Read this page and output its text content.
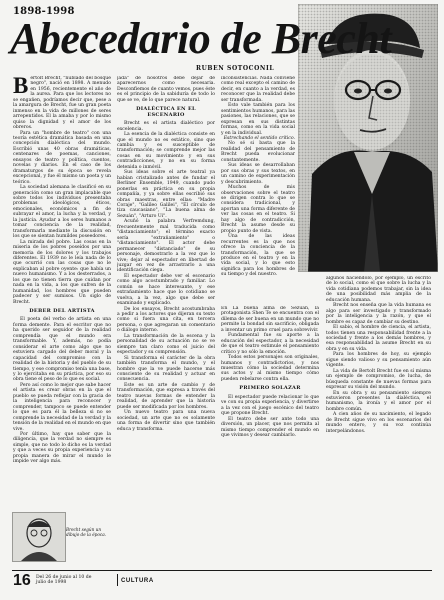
1898-1998
Abecedario de Brecht
RUBEN SOTOCONIL
B ertolt Brecht, "nublado del bosque negro", nació en 1898. A menudo en 1956, recientemente el año de la aurea. Para que los lectores no se engañen, podríamos decir que, pese a la amargura de Brecht, fue un gran poeta inmenso en la vida de millones de seres arrepentidos. El la amaba y por lo mismo quiso la dignidad y el amor de los obreros.

Para un "hombre de teatro" con una teoría estética dramática basada en una concepción dialéctica del mundo. Escribió unas 40 obras dramáticas, centenares de poemas, canciones, ensayos de teatro y política, cuentos, novelas y diarios. En el caso de los dramaturgos de su época se revela excepcional, y fue él mismo un poeta y un teórico.

La sociedad alemana le clasificó en su generación como un gran implacable que sobre todos los individuos presentaba problemas ideológicos, éticos, emocionales, económicos a fin de subrayar el amor, la lucha y la verdad, y la justicia. Ayudar a los seres humanos a tomar conciencia de la realidad, transformarla mediante la discusión en los que se sientan humildes poseedores.

La mirada del pobre. Las cosas en la miseria de los pobres poseídos por una memoria de los dolores y los trabajos diferentes. El 1939 no le leía nada de lo que ocurrió con las cosas que no le explicaban al pobre oyente: que había un nuevo humanismo. Y a los desterrados, a los que no tienen tierra que cuidan por nada en la vida, a los que sufren de la humanidad, los hombres que pueden padecer y ser sumisos. Un siglo de Brecht.

DEBER DEL ARTISTA

El poeta del verbo de artista en una forma demente. Para el escritor que no ha querido ser seguidor de la realidad comprendía que el mundo era transformable. Y, además, no podía considerar el arte como algo que no estuviera cargado del deber moral y la capacidad del compromiso con la realidad de la historia y del pueblo de su tiempo, y ese compromiso tenía una base, y lo ejercitaba en su práctica, por eso su obra tiene el peso de lo que es social.

Pero así como lo mejor que sabe hacer el artista es crear obras en la que el pueblo se pueda reflejar con la gracia de la inteligencia para reconocer y comprender, tampoco se puede entender lo que es para él la belleza si no se comprende la necesidad de la verdad y la tensión de la realidad en el mundo en que vive.

Por último, hay que saber que la diligencia, que la verdad no siempre es simple, que no todo lo dicho es la verdad y que a veces su propia experiencia y su propia manera de mirar el mundo le impide ver algo más.

jada" de nosotros debe dejar de aparecernos como necesaria. Desconfiemos de cuanto vemos, pues éste es el principio de la sabiduría de todo lo que se ve, de lo que parece natural.

DIALÉCTICA EN EL ESCENARIO

Brecht es el artista dialéctico por excelencia.

La esencia de la dialéctica consiste en que el mundo no es estático, sino que cambia y es susceptible de transformación; se comprende mejor las cosas en su movimiento y en sus contradicciones, y no en su forma detenida o inmóvil.

Sus ideas sobre el arte teatral ya habían cristalizado antes de fundar el Berliner Ensemble, 1949, cuando pudo ponerlas en práctica en su propia compañía, y ya sobre ellas escribió sus obras maestras, entre ellas: "Madre Coraje", "Galileo Galilei", "El círculo de tiza caucasiano", "La buena alma de Sezuán", "Arturo Ui".

Acuñó la palabra Verfremdung, frecuentemente mal traducida como "distanciamiento"; el término exacto sería "extrañamiento" o "distanciamiento". El actor debe permanecer "distanciado" de su personaje, demostrarlo a la vez que lo vive; dejar al espectador en libertad de juzgar en vez de arrastrarlo a una identificación ciega.

El espectador debe ver el escenario como algo acostumbrado y familiar. Lo común se hace interesante, y ese extrañamiento hace que lo cotidiano se vuelva, a la vez, algo que debe ser examinado y explicado.

De los ensayos, Brecht acostumbraba a pedir a los actores que dijeran su texto como si fuera una cita, en tercera persona, o que agregaran un comentario o diálogo interno.

La transformación de la escena y la personalidad de su actuación no se ve siempre tan claro como el juicio del espectador y su comprensión.

Si transforma el carácter de la obra también transforma el mundo, y el hombre que la ve puede hacerse más consciente de su realidad y actuar en consecuencia.

Este es un arte de cambio y de transformación, que expresa a través del teatro nuevas formas de entender la realidad, de aprender que la historia puede ser modificada por los hombres.

Un nuevo teatro para una nueva sociedad, un arte que no es solamente una forma de divertir sino que también educa y transforma.

inconsistencias. Nada conviene como real excepto el camino de decir, en cuanto a la verdad, es reconocer que la realidad debe ser transformada.

Esto vale también para los sentimientos humanos, para las pasiones, las relaciones, que se expresan en sus distintas formas, como en la vida social y en la individual.

Estrechando el sentido crítico.

No sé si basta que la realidad del pensamiento de Brecht pueda evolucionar constantemente.

Sus ideas se desarrollaban por sus obras y sus textos, en un camino de experimentación y descubrimiento.

Muchos de mis observaciones sobre el teatro se dirigen contra lo que se considera tradicional, y aportan una forma diferente de ver las cosas en el teatro. Si hay algo de contradicción, Brecht la asume desde su propio punto de vista.

Una de las ideas recurrentes es la que nos ofrece la conciencia de la transformación, la que se produce en el teatro y en la vida social, y lo que esto significa para los hombres de su tiempo y del nuestro.

En La buena alma de Sezuán, la protagonista Shen Te se encuentra con el dilema de ser buena en un mundo que no permite la bondad sin sacrificio, obligada a inventar un primo cruel para sobrevivir.

Fundamental fue su aporte a la educación del espectador, a la necesidad de que el teatro estimule el pensamiento crítico y no sólo la emoción.

Todos estos personajes son originales, humanos y contradictorios, y nos muestran cómo la sociedad determina sus actos y al mismo tiempo cómo pueden rebelarse contra ella.

PRIMERO SOLAZAR

El espectador puede relacionar lo que ve con su propia experiencia, y divertirse a la vez con el juego escénico del teatro que propone Brecht.

El teatro debe ser ante todo una diversión, un placer, que nos permita al mismo tiempo comprender el mundo en que vivimos y desear cambiarlo.

algunos haciéndolo, por ejemplo, un escrito de lo social, como el que sobre la lucha y la vida cotidiana podemos trabajar, sin la idea de una posibilidad más amplia de la educación humana.

Brecht nos enseña que la vida humana es algo para ser investigado y transformado por la inteligencia y la razón, y que el hombre es capaz de cambiar su destino.

El sabio, el hombre de ciencia, el artista, todos tienen una responsabilidad frente a la sociedad y frente a los demás hombres, y esa responsabilidad la asume Brecht en su obra y en su vida.

Para los hombres de hoy, su ejemplo sigue siendo valioso y su pensamiento aún vigente.

La vida de Bertolt Brecht fue en sí misma un ejemplo de compromiso, de lucha, de búsqueda constante de nuevas formas para expresar su visión del mundo.

En su obra y su pensamiento siempre estuvieron presentes la dialéctica, el humanismo, la ironía y el amor por el hombre común.

A cien años de su nacimiento, el legado de Brecht sigue vivo en los escenarios del mundo entero, y su voz continúa interpelándonos.

Brecht según un dibujo de la época.
16 Del 26 de junio al 10 de julio de 1998	CULTURA
